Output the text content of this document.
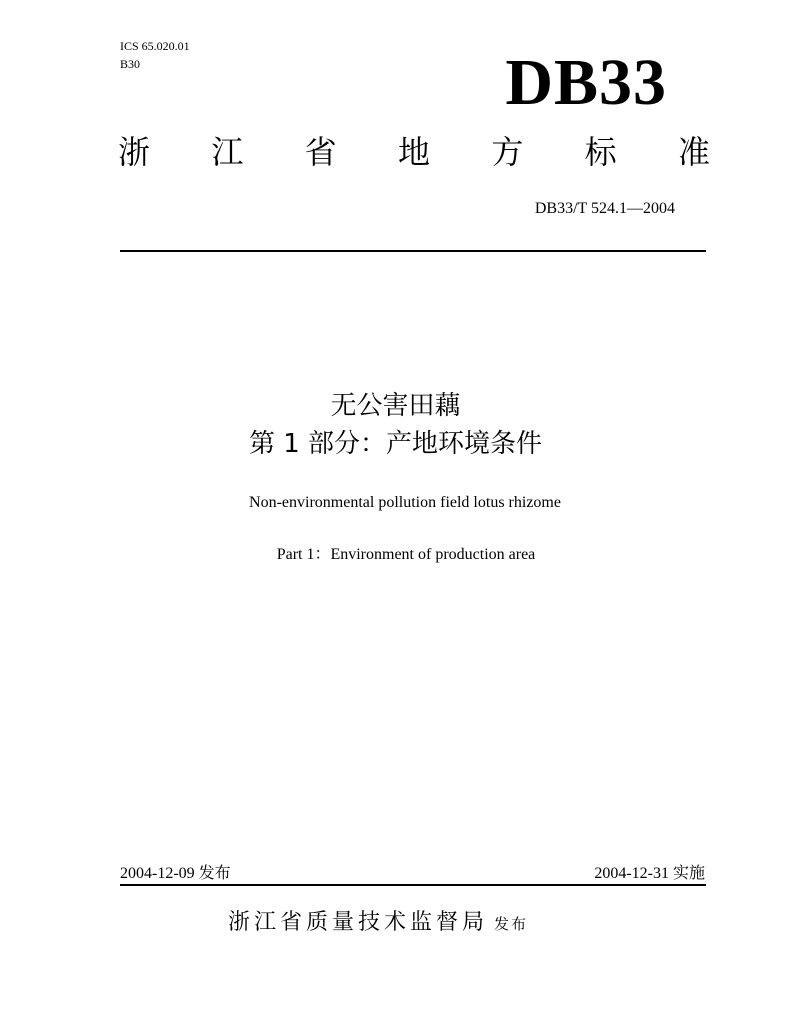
ICS 65.020.01
B30	DB33
浙 江 省 地 方 标 准
DB33/T 524.1—2004
无公害田藕
第 1 部分：产地环境条件
Non-environmental pollution field lotus rhizome
Part 1：Environment of production area
2004-12-09 发布	2004-12-31 实施
浙江省质量技术监督局 发布
